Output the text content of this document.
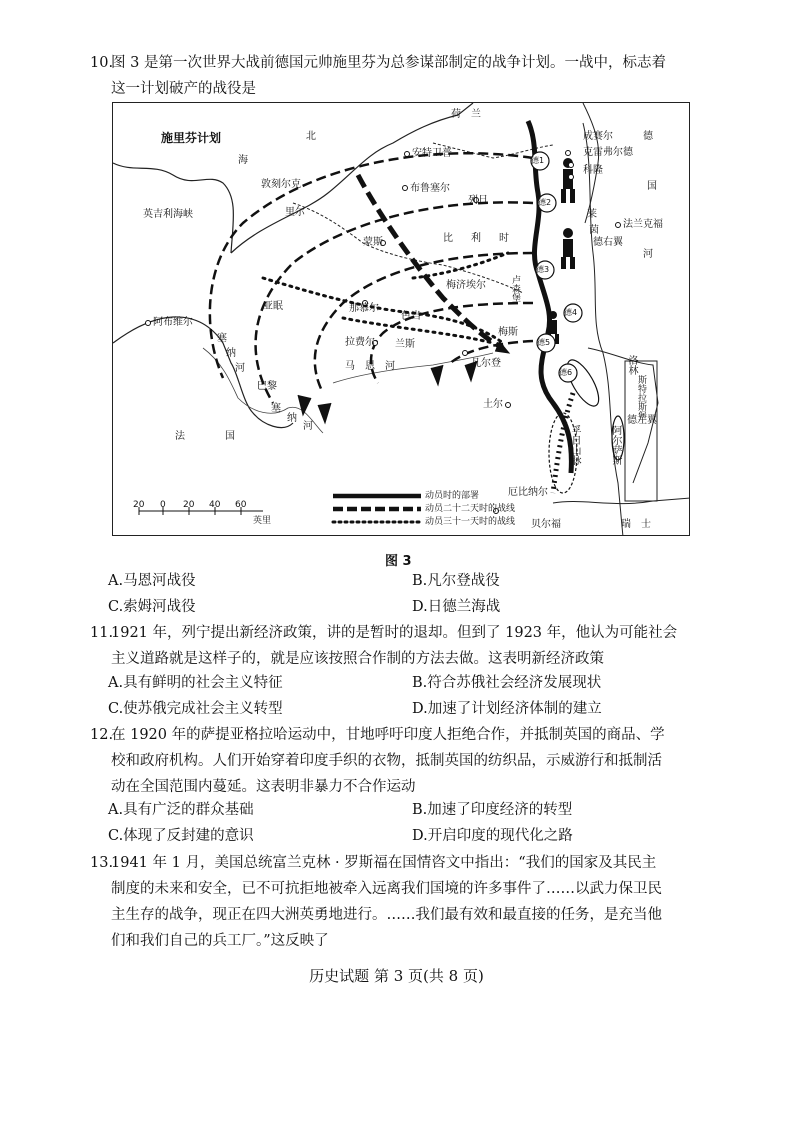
10.
图 3 是第一次世界大战前德国元帅施里芬为总参谋部制定的战争计划。一战中，标志着
这一计划破产的战役是
施里芬计划
荷　兰
北
海
安特卫普
布鲁塞尔
敦刻尔克
英吉利海峡	里尔
列日
比 利 时
蒙斯
亚眠
梅济埃尔	卢森堡
那慕尔
色当
拉费尔 兰斯
凡尔登
梅斯
阿布维尔
塞
纳
河	马　恩　河
巴黎
塞
纳
河
法　　　　国
土尔
厄比纳尔
贝尔福	瑞　士
成赛尔
克雷弗尔德
科隆
德
国
法兰克福
莱
茵
河
德右翼
洛林
斯特拉斯堡
阿尔萨斯
德左翼
孚日山脉
德1
德2
德3
德4
德5
德6
20 0 20 40 60
英里
动员时的部署
动员二十二天时的战线
动员三十一天时的战线
图 3
A.马恩河战役	B.凡尔登战役
C.索姆河战役	D.日德兰海战
11.
1921 年，列宁提出新经济政策，讲的是暂时的退却。但到了 1923 年，他认为可能社会
主义道路就是这样子的，就是应该按照合作制的方法去做。这表明新经济政策
A.具有鲜明的社会主义特征	B.符合苏俄社会经济发展现状
C.使苏俄完成社会主义转型	D.加速了计划经济体制的建立
12.
在 1920 年的萨提亚格拉哈运动中，甘地呼吁印度人拒绝合作，并抵制英国的商品、学
校和政府机构。人们开始穿着印度手织的衣物，抵制英国的纺织品，示威游行和抵制活
动在全国范围内蔓延。这表明非暴力不合作运动
A.具有广泛的群众基础	B.加速了印度经济的转型
C.体现了反封建的意识	D.开启印度的现代化之路
13.
1941 年 1 月，美国总统富兰克林 · 罗斯福在国情咨文中指出：“我们的国家及其民主
制度的未来和安全，已不可抗拒地被牵入远离我们国境的许多事件了……以武力保卫民
主生存的战争，现正在四大洲英勇地进行。……我们最有效和最直接的任务，是充当他
们和我们自己的兵工厂。”这反映了
历史试题 第 3 页(共 8 页)
